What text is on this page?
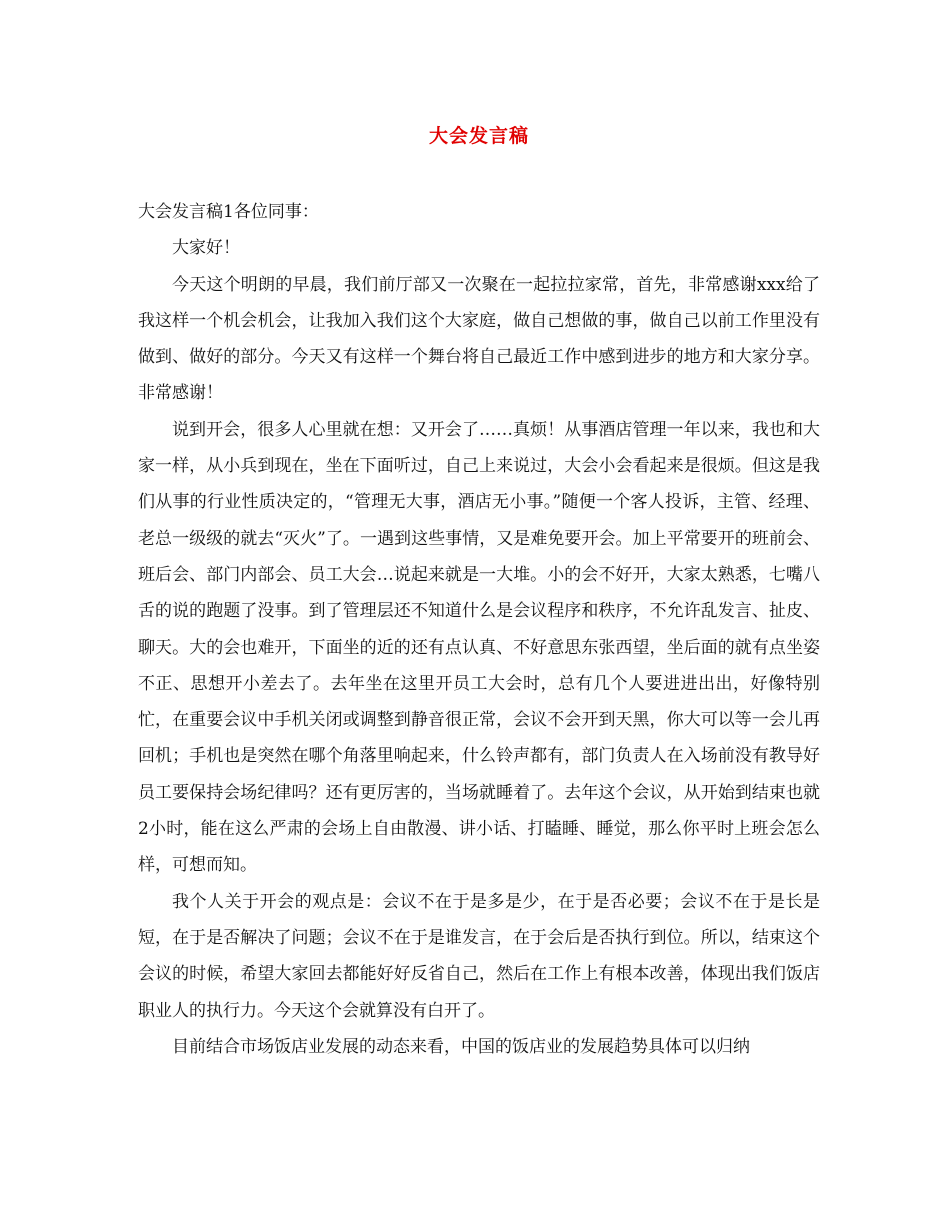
大会发言稿

大会发言稿1各位同事：

大家好！

今天这个明朗的早晨，我们前厅部又一次聚在一起拉拉家常，首先，非常感谢xxx给了我这样一个机会机会，让我加入我们这个大家庭，做自己想做的事，做自己以前工作里没有做到、做好的部分。今天又有这样一个舞台将自己最近工作中感到进步的地方和大家分享。非常感谢！

说到开会，很多人心里就在想：又开会了……真烦！从事酒店管理一年以来，我也和大家一样，从小兵到现在，坐在下面听过，自己上来说过，大会小会看起来是很烦。但这是我们从事的行业性质决定的，“管理无大事，酒店无小事。”随便一个客人投诉，主管、经理、老总一级级的就去“灭火”了。一遇到这些事情，又是难免要开会。加上平常要开的班前会、班后会、部门内部会、员工大会…说起来就是一大堆。小的会不好开，大家太熟悉，七嘴八舌的说的跑题了没事。到了管理层还不知道什么是会议程序和秩序，不允许乱发言、扯皮、聊天。大的会也难开，下面坐的近的还有点认真、不好意思东张西望，坐后面的就有点坐姿不正、思想开小差去了。去年坐在这里开员工大会时，总有几个人要进进出出，好像特别忙，在重要会议中手机关闭或调整到静音很正常，会议不会开到天黑，你大可以等一会儿再回机；手机也是突然在哪个角落里响起来，什么铃声都有，部门负责人在入场前没有教导好员工要保持会场纪律吗？还有更厉害的，当场就睡着了。去年这个会议，从开始到结束也就2小时，能在这么严肃的会场上自由散漫、讲小话、打瞌睡、睡觉，那么你平时上班会怎么样，可想而知。

我个人关于开会的观点是：会议不在于是多是少，在于是否必要；会议不在于是长是短，在于是否解决了问题；会议不在于是谁发言，在于会后是否执行到位。所以，结束这个会议的时候，希望大家回去都能好好反省自己，然后在工作上有根本改善，体现出我们饭店职业人的执行力。今天这个会就算没有白开了。

目前结合市场饭店业发展的动态来看，中国的饭店业的发展趋势具体可以归纳
